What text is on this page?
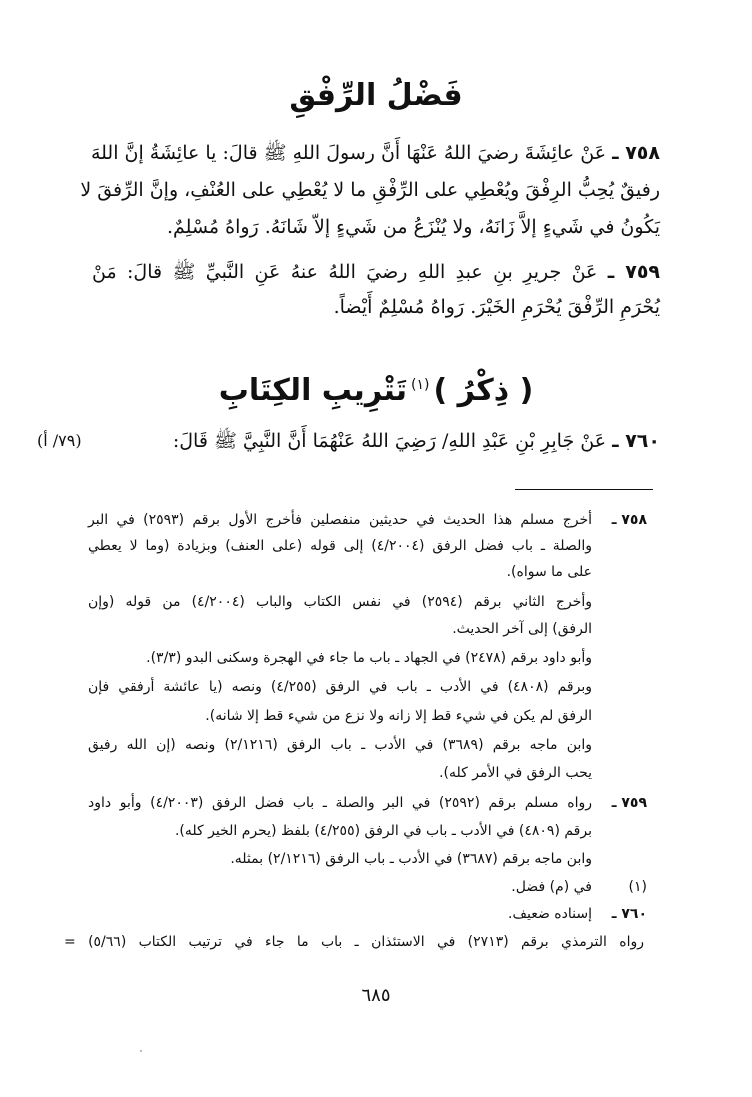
فَضْلُ الرِّفْقِ
٧٥٨ ـ عَنْ عائِشَةَ رضيَ اللهُ عَنْهَا أَنَّ رسولَ اللهِ ﷺ قالَ: يا عائِشَةُ إنَّ اللهَ
رفيقٌ يُحِبُّ الرِفْقَ ويُعْطِي على الرِّفْقِ ما لا يُعْطِي على العُنْفِ، وإنَّ الرِّفقَ لا
يَكُونُ في شَيءٍ إلاَّ زَانَهُ، ولا يُنْزَعُ من شَيءٍ إلاّ شَانَهُ. رَواهُ مُسْلِمٌ.
٧٥٩ ـ عَنْ جريرِ بنِ عبدِ اللهِ رضيَ اللهُ عنهُ عَنِ النَّبيِّ ﷺ قالَ: مَنْ
يُحْرَمِ الرِّفْقَ يُحْرَمِ الخَيْرَ. رَواهُ مُسْلِمٌ أَيْضاً.
( ذِكْرُ )$^{(١)}$تَتْرِيبِ الكِتَابِ
٧٦٠ ـ عَنْ جَابِرِ بْنِ عَبْدِ اللهِ/ رَضِيَ اللهُ عَنْهُمَا أَنَّ النَّبِيَّ ﷺ قَالَ:
(٧٩/ أ)
٧٥٨ ـ
أخرج مسلم هذا الحديث في حديثين منفصلين فأخرج الأول برقم (٢٥٩٣) في البر
والصلة ـ باب فضل الرفق (٤/٢٠٠٤) إلى قوله (على العنف) وبزيادة (وما لا يعطي
على ما سواه).
وأخرج الثاني برقم (٢٥٩٤) في نفس الكتاب والباب (٤/٢٠٠٤) من قوله (وإن
الرفق) إلى آخر الحديث.
وأبو داود برقم (٢٤٧٨) في الجهاد ـ باب ما جاء في الهجرة وسكنى البدو (٣/٣).
وبرقم (٤٨٠٨) في الأدب ـ باب في الرفق (٤/٢٥٥) ونصه (يا عائشة أرفقي فإن
الرفق لم يكن في شيء قط إلا زانه ولا نزع من شيء قط إلا شانه).
وابن ماجه برقم (٣٦٨٩) في الأدب ـ باب الرفق (٢/١٢١٦) ونصه (إن الله رفيق
يحب الرفق في الأمر كله).
٧٥٩ ـ
رواه مسلم برقم (٢٥٩٢) في البر والصلة ـ باب فضل الرفق (٤/٢٠٠٣) وأبو داود
برقم (٤٨٠٩) في الأدب ـ باب في الرفق (٤/٢٥٥) بلفظ (يحرم الخير كله).
وابن ماجه برقم (٣٦٨٧) في الأدب ـ باب الرفق (٢/١٢١٦) بمثله.
(١)
في (م) فضل.
٧٦٠ ـ
إسناده ضعيف.
رواه الترمذي برقم (٢٧١٣) في الاستئذان ـ باب ما جاء في ترتيب الكتاب (٥/٦٦) =
٦٨٥
